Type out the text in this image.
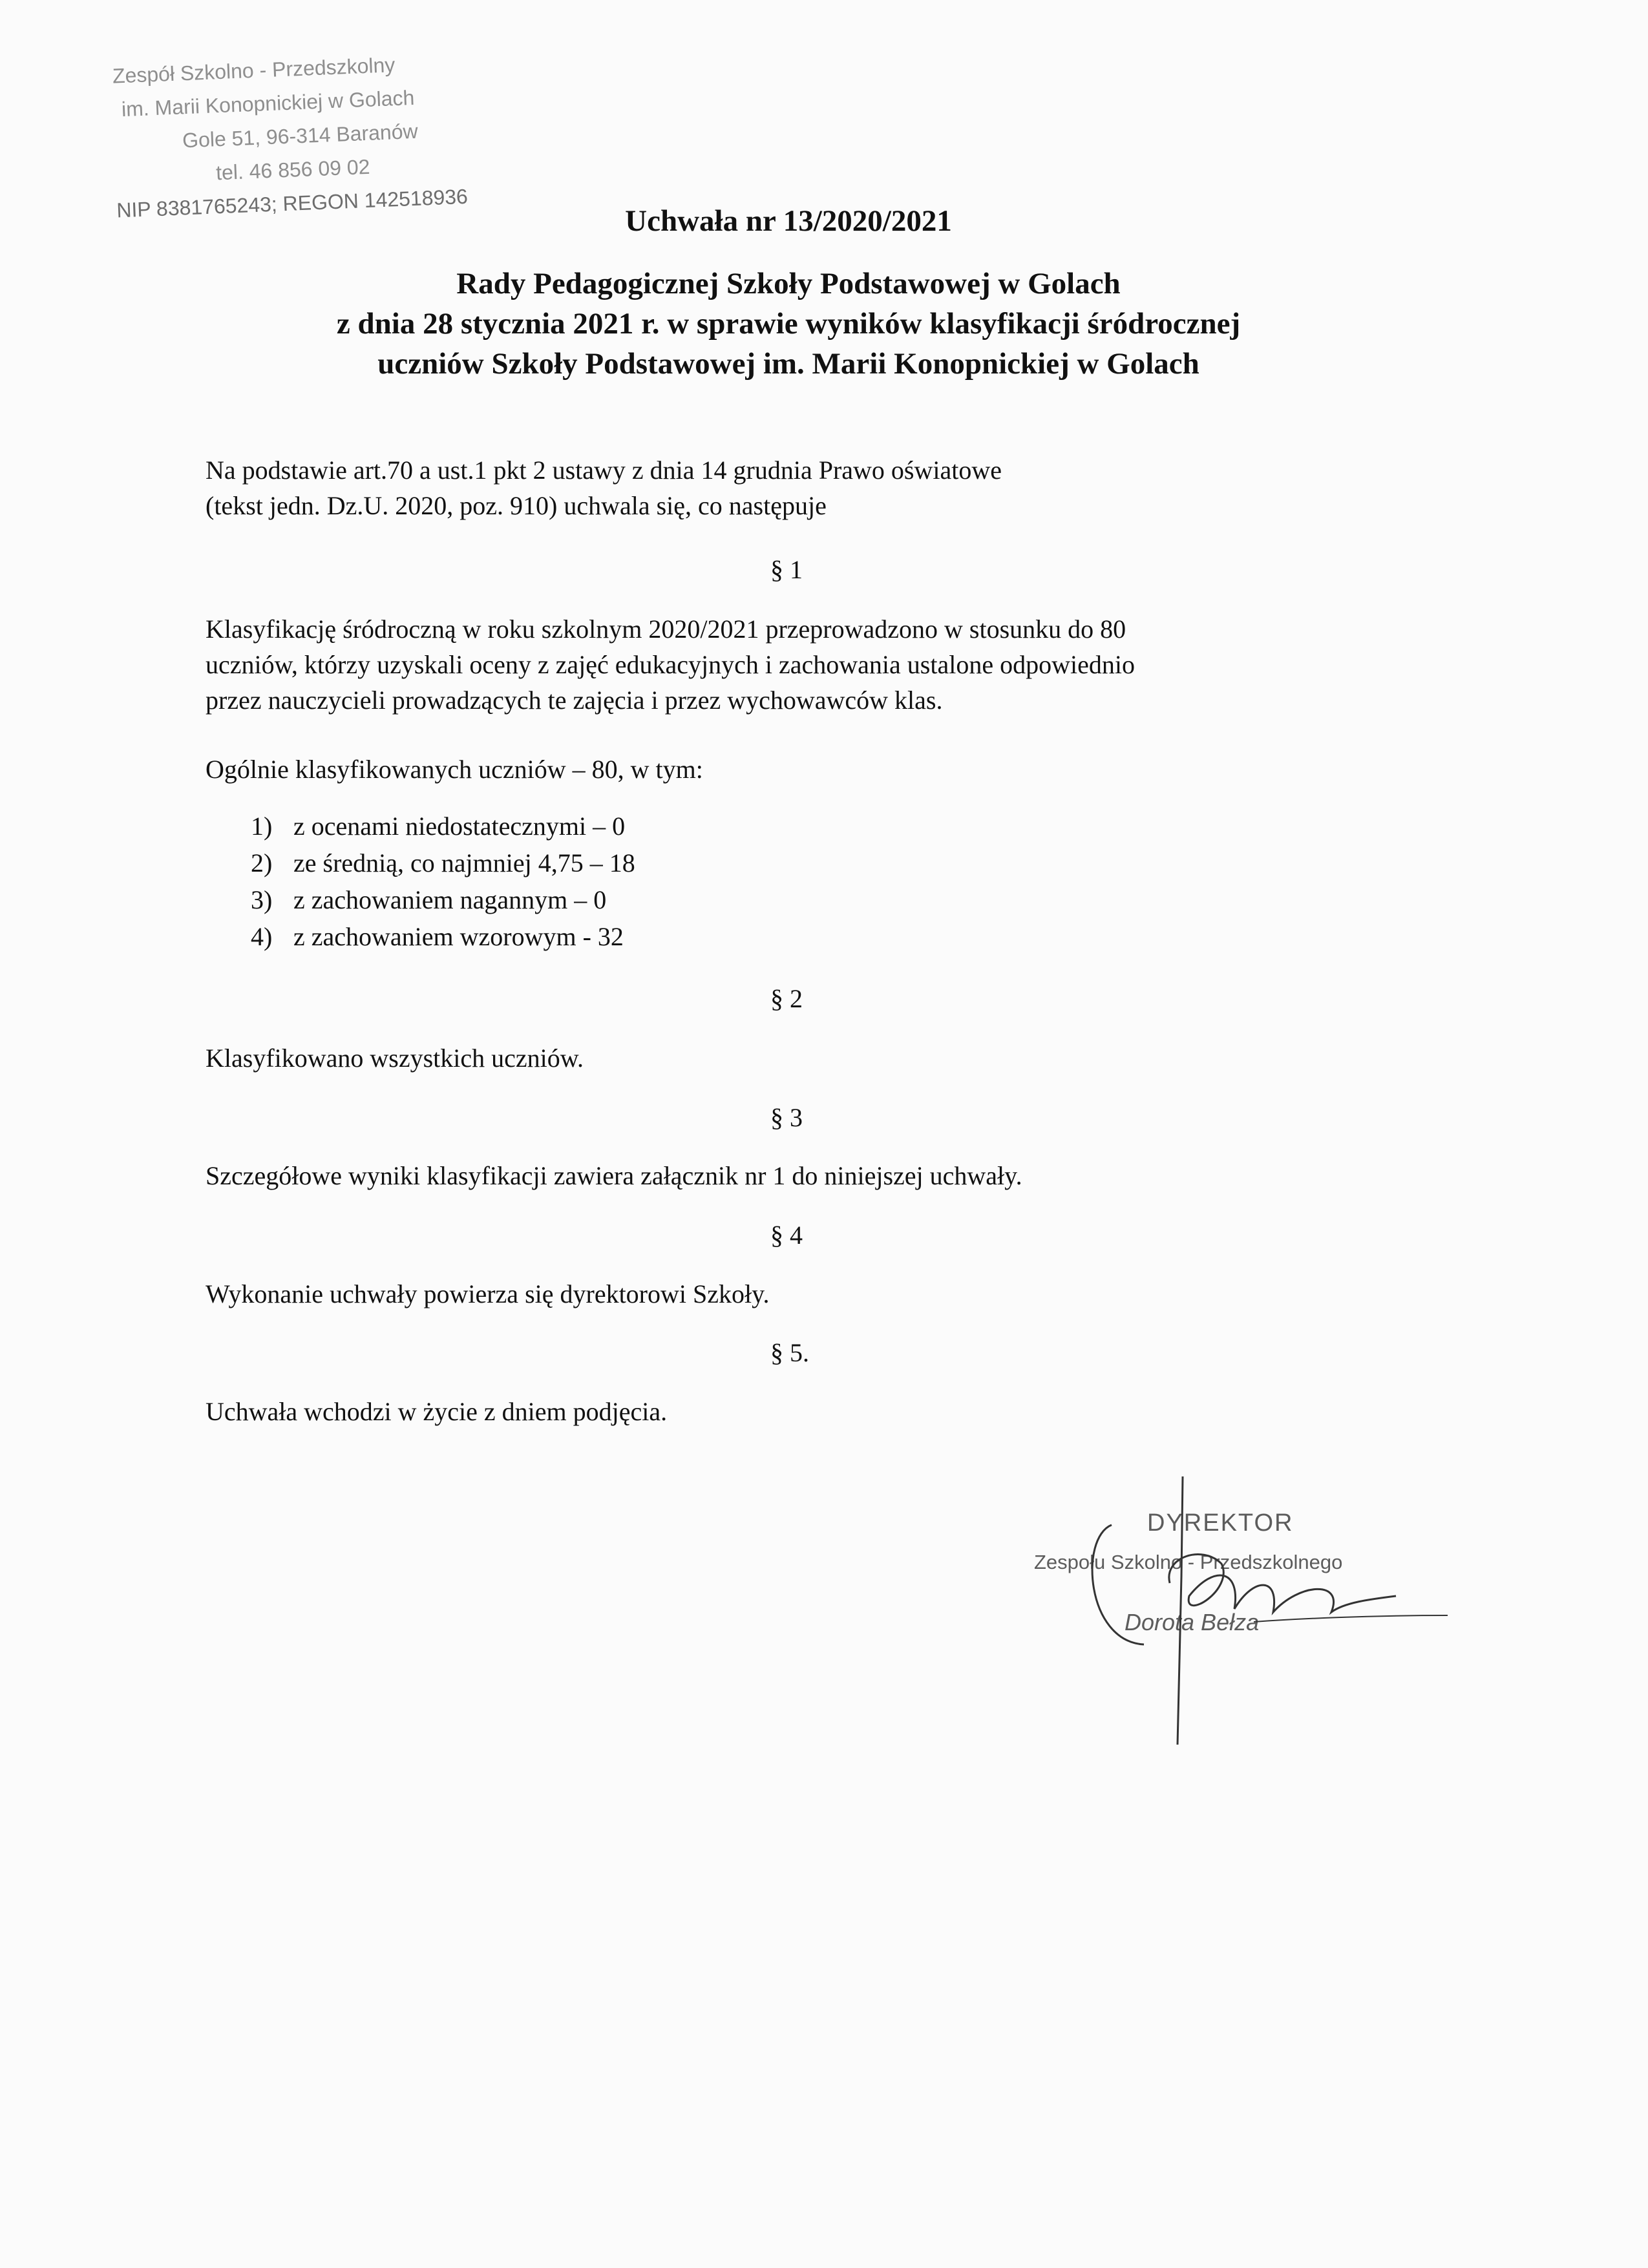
Zespół Szkolno - Przedszkolny
im. Marii Konopnickiej w Golach
Gole 51, 96-314 Baranów
tel. 46 856 09 02
NIP 8381765243; REGON 142518936	Uchwała nr 13/2020/2021
Rady Pedagogicznej Szkoły Podstawowej w Golach
z dnia 28 stycznia 2021 r. w sprawie wyników klasyfikacji śródrocznej
uczniów Szkoły Podstawowej im. Marii Konopnickiej w Golach
Na podstawie art.70 a ust.1 pkt 2 ustawy z dnia 14 grudnia Prawo oświatowe
(tekst jedn. Dz.U. 2020, poz. 910) uchwala się, co następuje
§ 1
Klasyfikację śródroczną w roku szkolnym 2020/2021 przeprowadzono w stosunku do 80
uczniów, którzy uzyskali oceny z zajęć edukacyjnych i zachowania ustalone odpowiednio
przez nauczycieli prowadzących te zajęcia i przez wychowawców klas.
Ogólnie klasyfikowanych uczniów – 80, w tym:
1) z ocenami niedostatecznymi – 0
2) ze średnią, co najmniej 4,75 – 18
3) z zachowaniem nagannym – 0
4) z zachowaniem wzorowym - 32
§ 2
Klasyfikowano wszystkich uczniów.
§ 3
Szczegółowe wyniki klasyfikacji zawiera załącznik nr 1 do niniejszej uchwały.
§ 4
Wykonanie uchwały powierza się dyrektorowi Szkoły.
§ 5.
Uchwała wchodzi w życie z dniem podjęcia.
DYREKTOR
Zespołu Szkolno - Przedszkolnego
Dorota Bełza
